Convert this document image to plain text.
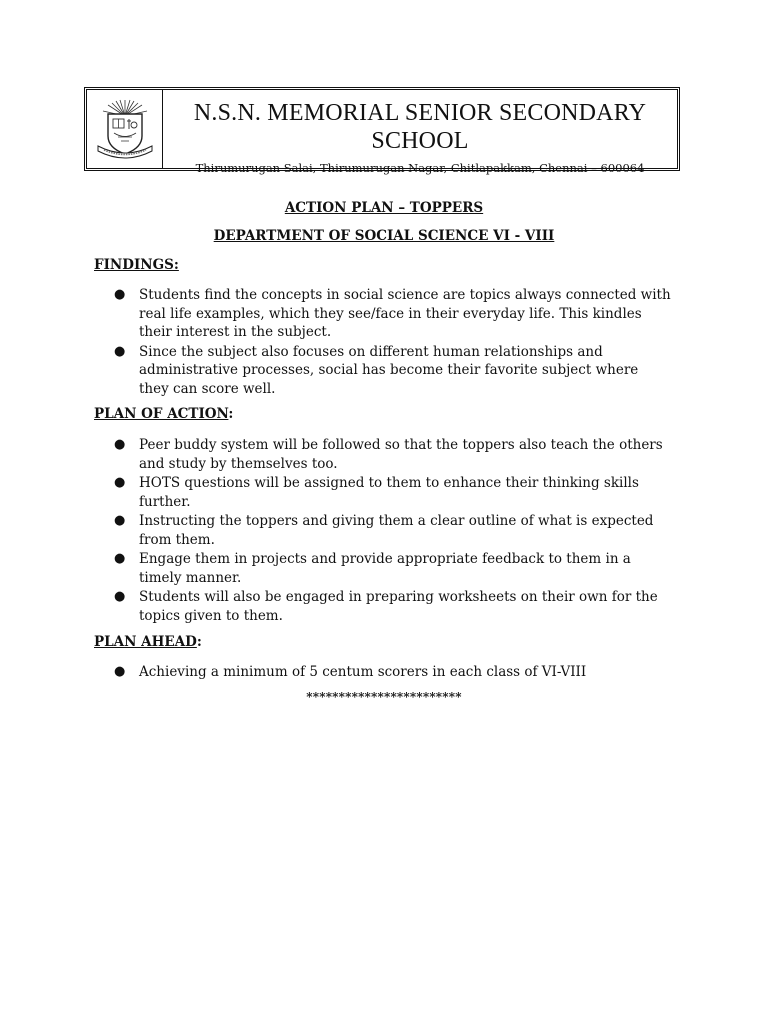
N.S.N. MEMORIAL SENIOR SECONDARY SCHOOL
Thirumurugan Salai, Thirumurugan Nagar, Chitlapakkam, Chennai – 600064
ACTION PLAN – TOPPERS
DEPARTMENT OF SOCIAL SCIENCE VI - VIII
FINDINGS:
● Students find the concepts in social science are topics always connected with real life examples, which they see/face in their everyday life. This kindles their interest in the subject.
● Since the subject also focuses on different human relationships and administrative processes, social has become their favorite subject where they can score well.
PLAN OF ACTION:
● Peer buddy system will be followed so that the toppers also teach the others and study by themselves too.
● HOTS questions will be assigned to them to enhance their thinking skills further.
● Instructing the toppers and giving them a clear outline of what is expected from them.
● Engage them in projects and provide appropriate feedback to them in a timely manner.
● Students will also be engaged in preparing worksheets on their own for the topics given to them.
PLAN AHEAD:
● Achieving a minimum of 5 centum scorers in each class of VI-VIII
************************
